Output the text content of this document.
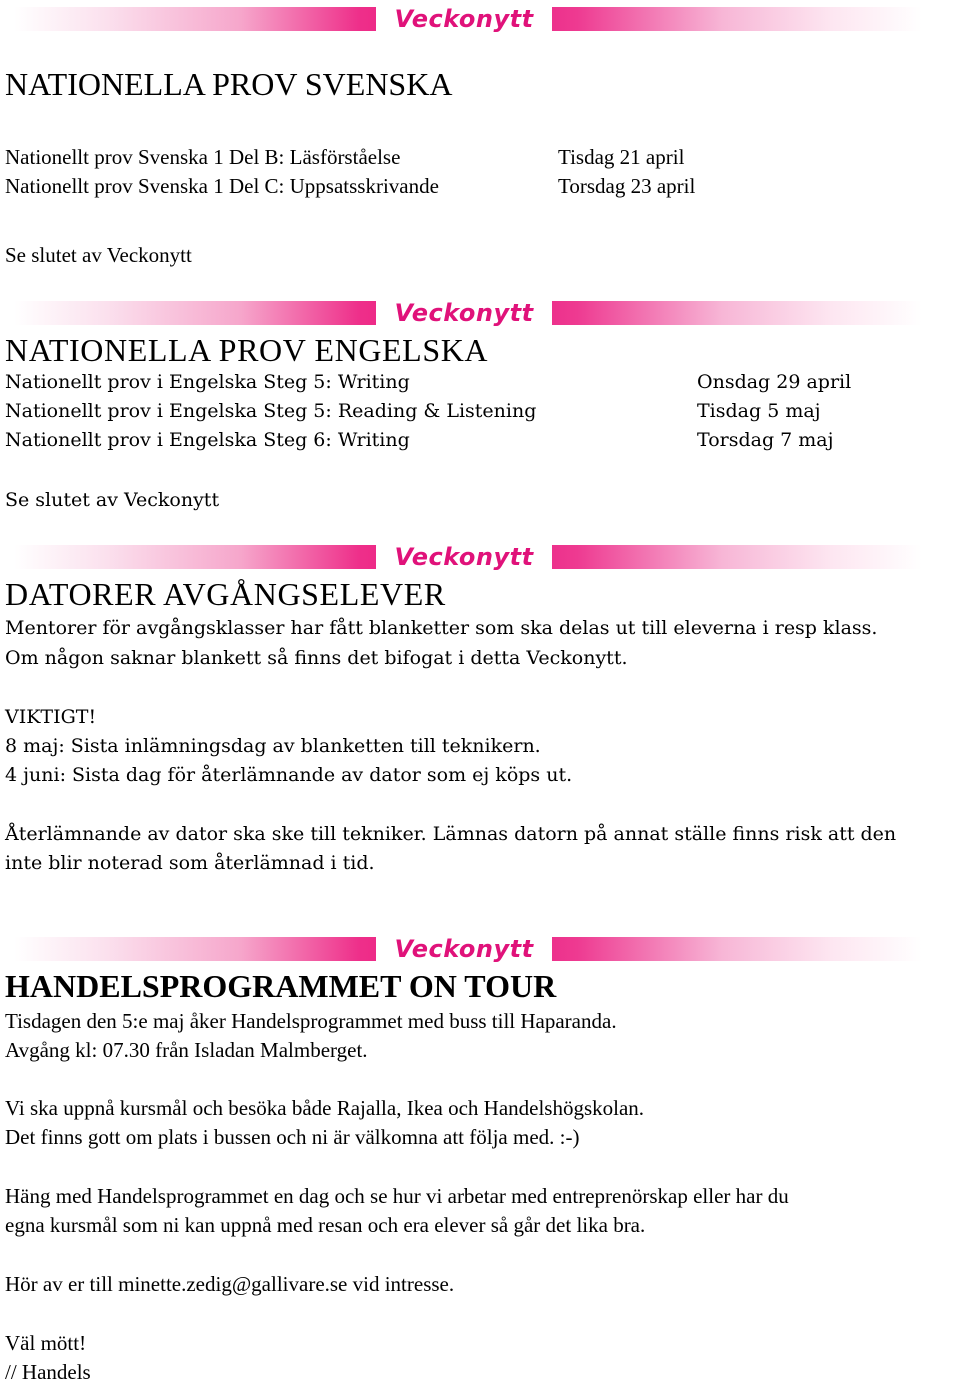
Veckonytt
NATIONELLA PROV SVENSKA
Nationellt prov Svenska 1 Del B: Läsförståelse	Tisdag 21 april
Nationellt prov Svenska 1 Del C: Uppsatsskrivande	Torsdag 23 april
Se slutet av Veckonytt
Veckonytt
NATIONELLA PROV ENGELSKA
Nationellt prov i Engelska Steg 5: Writing	Onsdag 29 april
Nationellt prov i Engelska Steg 5: Reading & Listening	Tisdag 5 maj
Nationellt prov i Engelska Steg 6: Writing	Torsdag 7 maj
Se slutet av Veckonytt
Veckonytt
DATORER AVGÅNGSELEVER
Mentorer för avgångsklasser har fått blanketter som ska delas ut till eleverna i resp klass.
Om någon saknar blankett så finns det bifogat i detta Veckonytt.
VIKTIGT!
8 maj: Sista inlämningsdag av blanketten till teknikern.
4 juni: Sista dag för återlämnande av dator som ej köps ut.
Återlämnande av dator ska ske till tekniker. Lämnas datorn på annat ställe finns risk att den
inte blir noterad som återlämnad i tid.
Veckonytt
HANDELSPROGRAMMET ON TOUR
Tisdagen den 5:e maj åker Handelsprogrammet med buss till Haparanda.
Avgång kl: 07.30 från Isladan Malmberget.
Vi ska uppnå kursmål och besöka både Rajalla, Ikea och Handelshögskolan.
Det finns gott om plats i bussen och ni är välkomna att följa med. :-)
Häng med Handelsprogrammet en dag och se hur vi arbetar med entreprenörskap eller har du
egna kursmål som ni kan uppnå med resan och era elever så går det lika bra.
Hör av er till minette.zedig@gallivare.se vid intresse.
Väl mött!
// Handels
